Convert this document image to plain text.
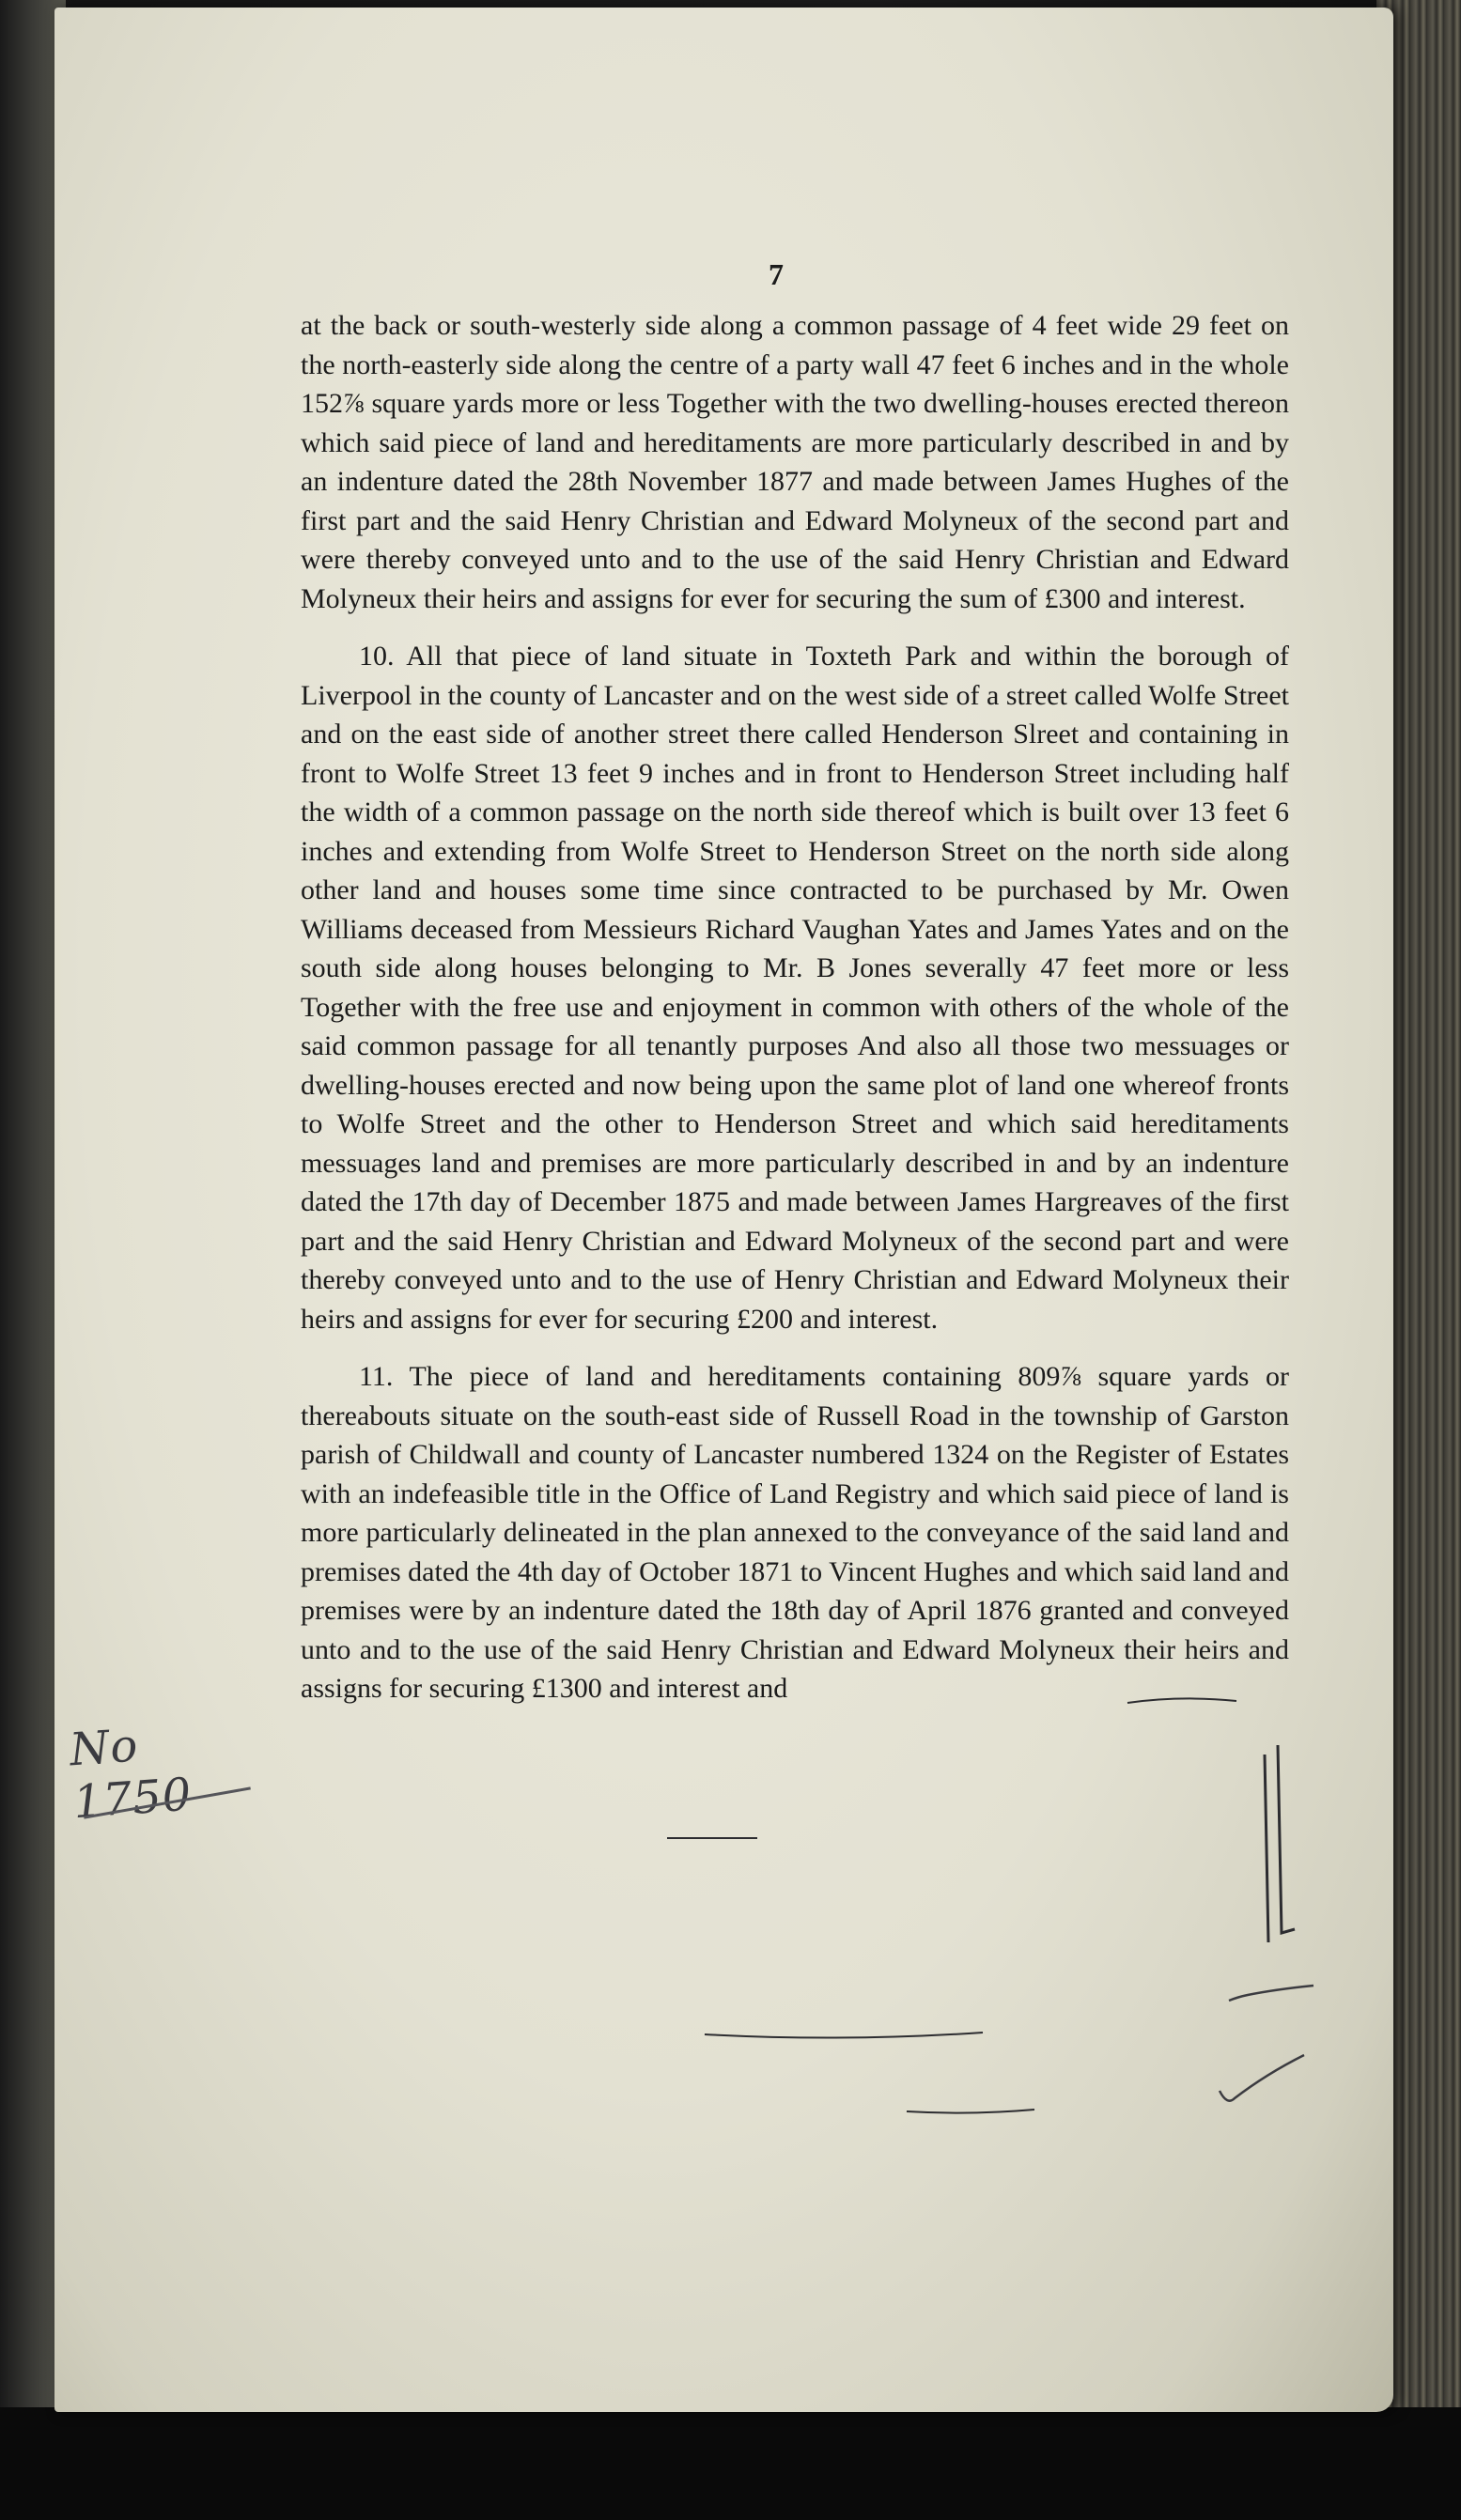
No 1750
7

at the back or south-westerly side along a common passage of 4 feet wide 29 feet on the north-easterly side along the centre of a party wall 47 feet 6 inches and in the whole 152⅞ square yards more or less Together with the two dwelling-houses erected thereon which said piece of land and hereditaments are more particularly described in and by an indenture dated the 28th November 1877 and made between James Hughes of the first part and the said Henry Christian and Edward Molyneux of the second part and were thereby conveyed unto and to the use of the said Henry Christian and Edward Molyneux their heirs and assigns for ever for securing the sum of £300 and interest.

10. All that piece of land situate in Toxteth Park and within the borough of Liverpool in the county of Lancaster and on the west side of a street called Wolfe Street and on the east side of another street there called Henderson Slreet and containing in front to Wolfe Street 13 feet 9 inches and in front to Henderson Street including half the width of a common passage on the north side thereof which is built over 13 feet 6 inches and extending from Wolfe Street to Henderson Street on the north side along other land and houses some time since contracted to be purchased by Mr. Owen Williams deceased from Messieurs Richard Vaughan Yates and James Yates and on the south side along houses belonging to Mr. B Jones severally 47 feet more or less Together with the free use and enjoyment in common with others of the whole of the said common passage for all tenantly purposes And also all those two messuages or dwelling-houses erected and now being upon the same plot of land one whereof fronts to Wolfe Street and the other to Henderson Street and which said hereditaments messuages land and premises are more particularly described in and by an indenture dated the 17th day of December 1875 and made between James Hargreaves of the first part and the said Henry Christian and Edward Molyneux of the second part and were thereby conveyed unto and to the use of Henry Christian and Edward Molyneux their heirs and assigns for ever for securing £200 and interest.

11. The piece of land and hereditaments containing 809⅞ square yards or thereabouts situate on the south-east side of Russell Road in the township of Garston parish of Childwall and county of Lancaster numbered 1324 on the Register of Estates with an indefeasible title in the Office of Land Registry and which said piece of land is more particularly delineated in the plan annexed to the conveyance of the said land and premises dated the 4th day of October 1871 to Vincent Hughes and which said land and premises were by an indenture dated the 18th day of April 1876 granted and conveyed unto and to the use of the said Henry Christian and Edward Molyneux their heirs and assigns for securing £1300 and interest and
